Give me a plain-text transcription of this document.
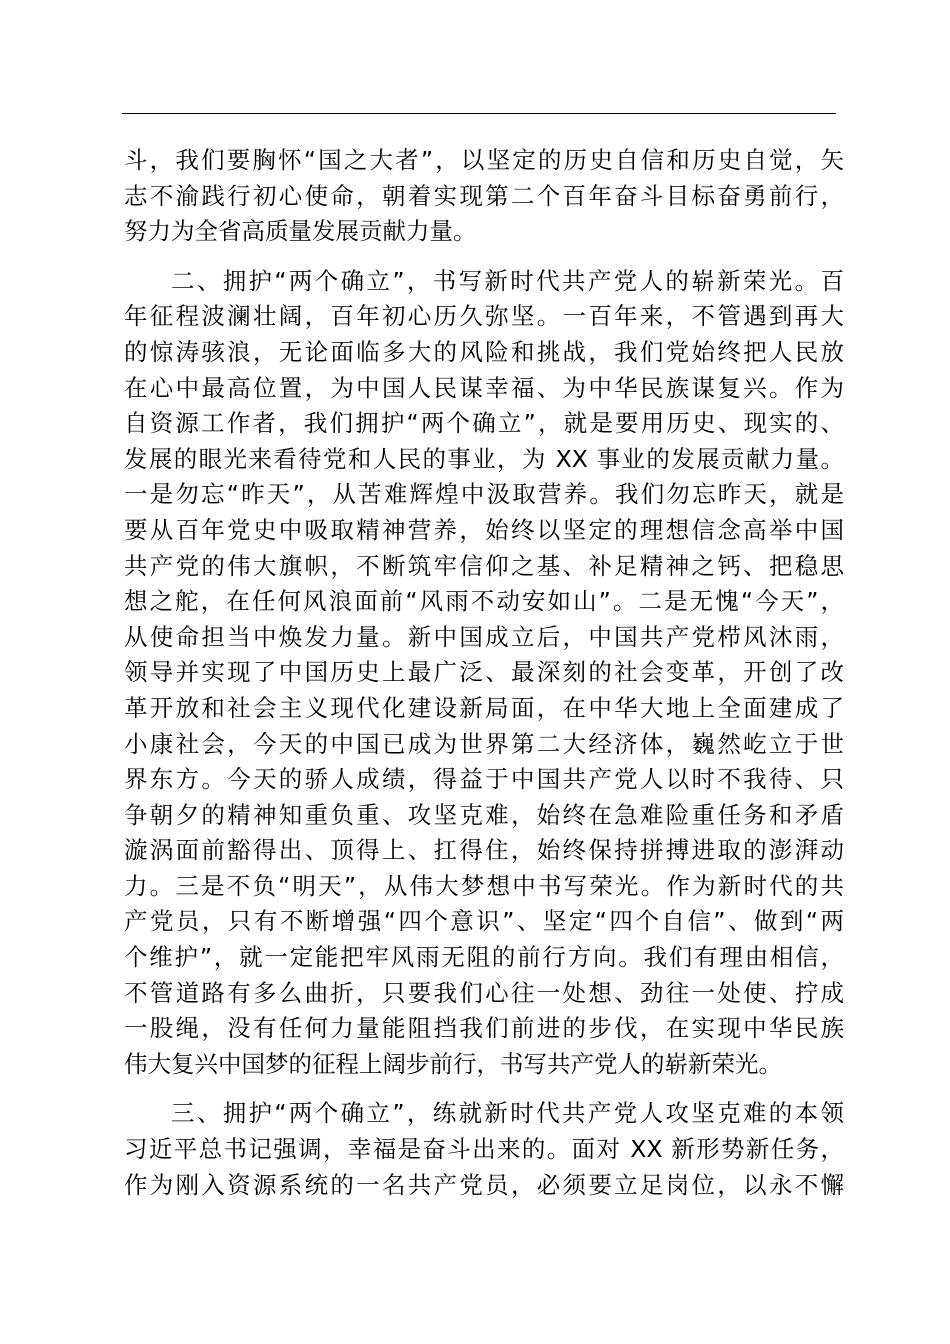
斗，我们要胸怀“国之大者”，以坚定的历史自信和历史自觉，矢
志不渝践行初心使命，朝着实现第二个百年奋斗目标奋勇前行，
努力为全省高质量发展贡献力量。

二、拥护“两个确立”，书写新时代共产党人的崭新荣光。百
年征程波澜壮阔，百年初心历久弥坚。一百年来，不管遇到再大
的惊涛骇浪，无论面临多大的风险和挑战，我们党始终把人民放
在心中最高位置，为中国人民谋幸福、为中华民族谋复兴。作为
自资源工作者，我们拥护“两个确立”，就是要用历史、现实的、
发展的眼光来看待党和人民的事业，为 XX 事业的发展贡献力量。
一是勿忘“昨天”，从苦难辉煌中汲取营养。我们勿忘昨天，就是
要从百年党史中吸取精神营养，始终以坚定的理想信念高举中国
共产党的伟大旗帜，不断筑牢信仰之基、补足精神之钙、把稳思
想之舵，在任何风浪面前“风雨不动安如山”。二是无愧“今天”，
从使命担当中焕发力量。新中国成立后，中国共产党栉风沐雨，
领导并实现了中国历史上最广泛、最深刻的社会变革，开创了改
革开放和社会主义现代化建设新局面，在中华大地上全面建成了
小康社会，今天的中国已成为世界第二大经济体，巍然屹立于世
界东方。今天的骄人成绩，得益于中国共产党人以时不我待、只
争朝夕的精神知重负重、攻坚克难，始终在急难险重任务和矛盾
漩涡面前豁得出、顶得上、扛得住，始终保持拼搏进取的澎湃动
力。三是不负“明天”，从伟大梦想中书写荣光。作为新时代的共
产党员，只有不断增强“四个意识”、坚定“四个自信”、做到“两
个维护”，就一定能把牢风雨无阻的前行方向。我们有理由相信，
不管道路有多么曲折，只要我们心往一处想、劲往一处使、拧成
一股绳，没有任何力量能阻挡我们前进的步伐，在实现中华民族
伟大复兴中国梦的征程上阔步前行，书写共产党人的崭新荣光。

三、拥护“两个确立”，练就新时代共产党人攻坚克难的本领
习近平总书记强调，幸福是奋斗出来的。面对 XX 新形势新任务，
作为刚入资源系统的一名共产党员，必须要立足岗位，以永不懈
